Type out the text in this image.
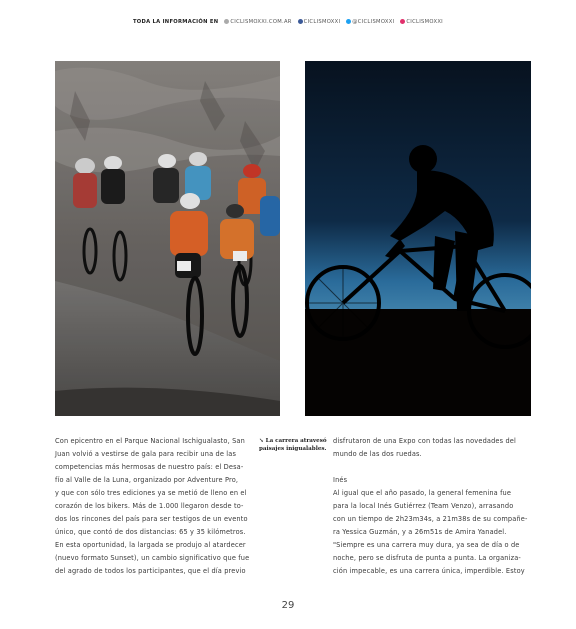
TODA LA INFORMACIÓN EN CICLISMOXXI.COM.AR CICLISMOXXI @CICLISMOXXI CICLISMOXXI

Con epicentro en el Parque Nacional Ischigualasto, San

Juan volvió a vestirse de gala para recibir una de las

competencias más hermosas de nuestro país: el Desa-

fío al Valle de la Luna, organizado por Adventure Pro,

y que con sólo tres ediciones ya se metió de lleno en el

corazón de los bikers. Más de 1.000 llegaron desde to-

dos los rincones del país para ser testigos de un evento

único, que contó de dos distancias: 65 y 35 kilómetros.

En esta oportunidad, la largada se produjo al atardecer

(nuevo formato Sunset), un cambio significativo que fue

del agrado de todos los participantes, que el día previo

↘ La carrera atravesó paisajes inigualables.

disfrutaron de una Expo con todas las novedades del

mundo de las dos ruedas.

Inés

Al igual que el año pasado, la general femenina fue

para la local Inés Gutiérrez (Team Venzo), arrasando

con un tiempo de 2h23m34s, a 21m38s de su compañe-

ra Yessica Guzmán, y a 26m51s de Amira Yanadel.

"Siempre es una carrera muy dura, ya sea de día o de

noche, pero se disfruta de punta a punta. La organiza-

ción impecable, es una carrera única, imperdible. Estoy

29
